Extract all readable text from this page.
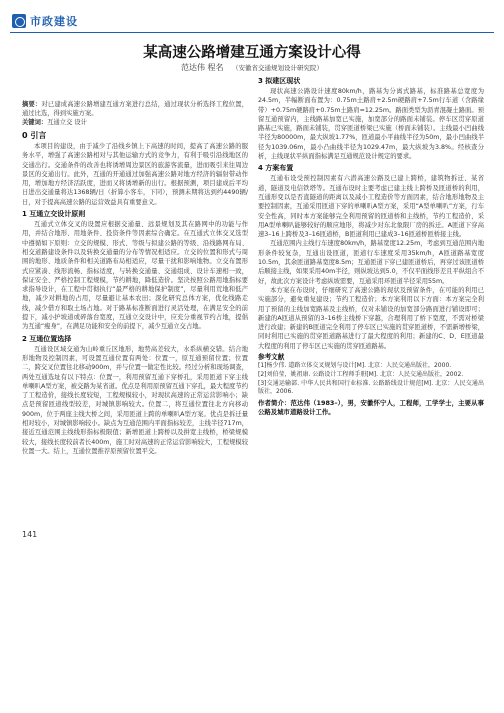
市政建设
某高速公路增建互通方案设计心得
范达伟 程名 （安徽省交通规划设计研究院）
摘要：对已建成高速公路增建互通方案进行总结，通过现状分析选择工程位置，通过比选，得到实施方案。
关键词：互通立交 设计
0 引言

本项目的建设，由于减少了沿线乡镇上下高速的时间，提高了高速公路的服务水平，增强了高速公路相对与其他运输方式的竞争力，有利于吸引沿线地区的交通出行。交通条件的改善也将诱增周边景区的旅游客流量，进而吸引来往周边景区的交通出行。此外，互通的开通通过加强高速公路对地方经济的辐射带动作用，增加地方经济活跃度，进而又将诱增新的出行。根据预测，项目建成后平均日进出交通量将达1368辆/日（折算小客车，下同），预测未期将达到约4490辆/日，对于提高高速公路的运营效益具有重要意义。

1 互通立交设计原则

互通式立体交叉的设置应根据交通量、远景规划及其在路网中的功能与作用，并结合地形、用地条件、投资条件等因素综合确定。在互通式立体交叉选型中遵循如下原则：立交的规模、形式、等级与拟建公路的等级、沿线路网布局、相交道路建设条件以及转换交通量的分布等情况相适应。立交的位置和形式与周围的地形、地质条件和相关道路布局相适应，尽量干扰和影响地物。立交布置形式应紧凑、线形流畅、指标适度，与转换交通量、交通组成、设计车速相一致，保证安全、严格控制工程规模，节约耕地，降低造价。坚决按照公路用地指标要求指导设计，在工程中贯彻执行“最严格的耕地保护制度”，尽量利用荒地和低产地，减少对耕地的占用，尽量避让基本农田；深化研究总体方案，优化线路走线，减少借方和取土场占地。对于路基标准断面进行灵活处理，在满足安全的前提下，减小护坡道或碎落台宽度，互通立交设计中，应充分重视节约占地，提倡为互通“瘦身”，在满足功能和安全的前提下，减少互通立交占地。

2 互通位置选择

互通设区域交通为山岭重丘区地形，地势高差较大，水系纵横交错。结合地形地物及控制因素，可设置互通位置有两处：位置一，原互通预留位置；位置二，跨交叉位置往北移动900m，并与位置一做定性比较。经过分析和现场调查，两处互通选址有以下特点：位置一，利用预留互通下穿桥孔，采用匝道下穿主线单喇叭A型方案，被交路为某省道。优点是利用原预留互通下穿孔，最大程度节约了工程造价，接线长度较短，工程规模较小，对现状高速的正常运营影响小；缺点是预留匝道线型较差，对城镇影响较大。位置二，将互通位置往北方向移动900m，位于两座主线大桥之间，采用匝道上跨的单喇叭A型方案。优点是拆迁量相对较小，对城镇影响较小。缺点为互通范围内平面指标较差，主线半径717m，接近互通范围主线线形指标极限值；新增匝道上跨桥以及拼宽主线桥，桥梁规模较大，接线长度较前者长400m，施工时对高速的正常运营影响较大，工程规模较位置一大。结上，互通位置推荐原预留位置平交。

3 拟建区现状

现状高速公路设计速度80km/h，路基为分离式路基，标准路基总宽度为24.5m，半幅断面布置为：0.75m土路肩+2.5m硬路肩+7.5m行车道（含路缘带）+0.75m硬路肩+0.75m土路肩=12.25m。路面类型为沥青混凝土路面。预留互通预留内，主线路基加宽已实施，加宽部分的路面未铺装。停车区贯穿原道路基已实施，路面未铺装，贯穿匝道桥梁已实施（桥面未铺装）。主线最小凹曲线半径为80000m，最大纵坡1.77%，匝道最小平曲线半径为50m，最小凹曲线半径为1039.06m，最小凸曲线半径为1029.47m，最大纵坡为3.8%。经核查分析，主线现状平纵面指标满足互通规范设计规定的要求。

4 方案布置

互通布设受预控制因素有六潜高速公路及已建上跨桥，建筑物拆迁、某省道，隧道及电信铁塔等。互通布设时主要考虑已建主线上跨桥及匝道桥的利用，互通形变以是否直隧道的距离以及减小工程造价等方面因素，结合地形地物及主要控制因素，互通采用匝道下穿的单喇叭A型方案，采用“A型单喇叭”方案，行车安全性高，同时本方案能够完全利用预留的匝道桥和主线桥，节约工程造价，采用A型单喇叭能够较好的顺应地形，将减少对东北象限厂房的拆迁。A匝道下穿高速3–16上跨桥及3–16匝道桥，B匝道利用已建成3–16匝道桥匝桥接主线。

互通范围内主线行车速度80km/h，路基宽度12.25m，考虑到互通范围内地形条件较复杂，互通出设匝道，匝道行车速度采用35km/h，A匝道路基宽度10.5m，其余匝道路基宽度8.5m；互通匝道下穿已建匝道桥后，再穿过该匝道桥后顺接主线，如果采用40m半径，则纵坡达到5.0，不仅平面线形差且平纵组合不好，故此次方案设计考虑纵坡需要，互通采用环匝道半径采用55m。

本方案在布设时，仔细研究了高速公路的现状及预留条件，在可能的利用已实施部分，避免重复建设；节约工程造价；本方案利用以下方面：本方案完全利用了预留的主线加宽路基及主线桥，仅对未铺设的加宽部分路面进行铺设即可；新建的A匝道从预留的3–16桥主线桥下穿越，合理利用了桥下宽度，不需对桥梁进行改建；新建的B匝道完全利用了停车区已实施的贯穿匝道桥，不需新增桥梁，同时利用已实施的贯穿匝道路基进行了最大程度的利用；新建的C、D、E匝道最大程度的利用了停车区已实施的贯穿匝道路基。

参考文献

[1]杨少伟. 道路立体交叉规划与设计[M]. 北京：人民交通出版社，2000.

[2]刘伯莹，姚祖康. 公路设计工程师手册[M]. 北京：人民交通出版社，2002.

[3]交通运输部. 中华人民共和国行业标准. 公路路线设计规范[M]. 北京：人民交通出版社，2006.

作者简介：范达伟（1983–），男，安徽怀宁人，工程师，工学学士，主要从事公路及城市道路设计工作。

141
